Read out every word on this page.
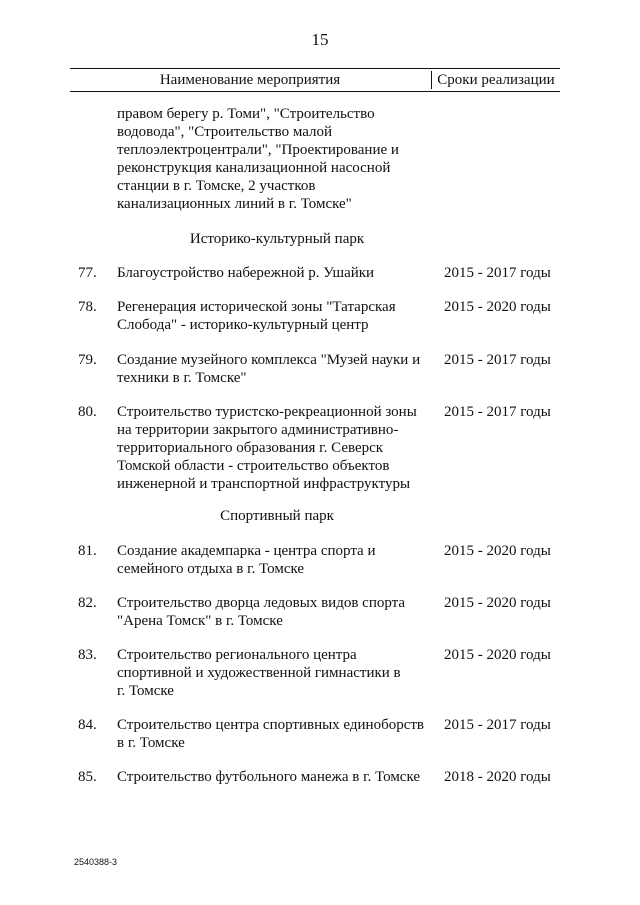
15
Наименование мероприятия	Сроки реализации
правом берегу р. Томи", "Строительство
водовода", "Строительство малой
теплоэлектроцентрали", "Проектирование и
реконструкция канализационной насосной
станции в г. Томске, 2 участков
канализационных линий в г. Томске"
Историко-культурный парк
77.	Благоустройство набережной р. Ушайки	2015 - 2017 годы
78.	Регенерация исторической зоны "Татарская
Слобода" - историко-культурный центр
2015 - 2020 годы
79.	Создание музейного комплекса "Музей науки и
техники в г. Томске"
2015 - 2017 годы
80.	Строительство туристско-рекреационной зоны
на территории закрытого административно-
территориального образования г. Северск
Томской области - строительство объектов
инженерной и транспортной инфраструктуры
2015 - 2017 годы
Спортивный парк
81.	Создание академпарка - центра спорта и
семейного отдыха в г. Томске
2015 - 2020 годы
82.	Строительство дворца ледовых видов спорта
"Арена Томск" в г. Томске
2015 - 2020 годы
83.	Строительство регионального центра
спортивной и художественной гимнастики в
г. Томске
2015 - 2020 годы
84.	Строительство центра спортивных единоборств
в г. Томске
2015 - 2017 годы
85.	Строительство футбольного манежа в г. Томске	2018 - 2020 годы
2540388-3
